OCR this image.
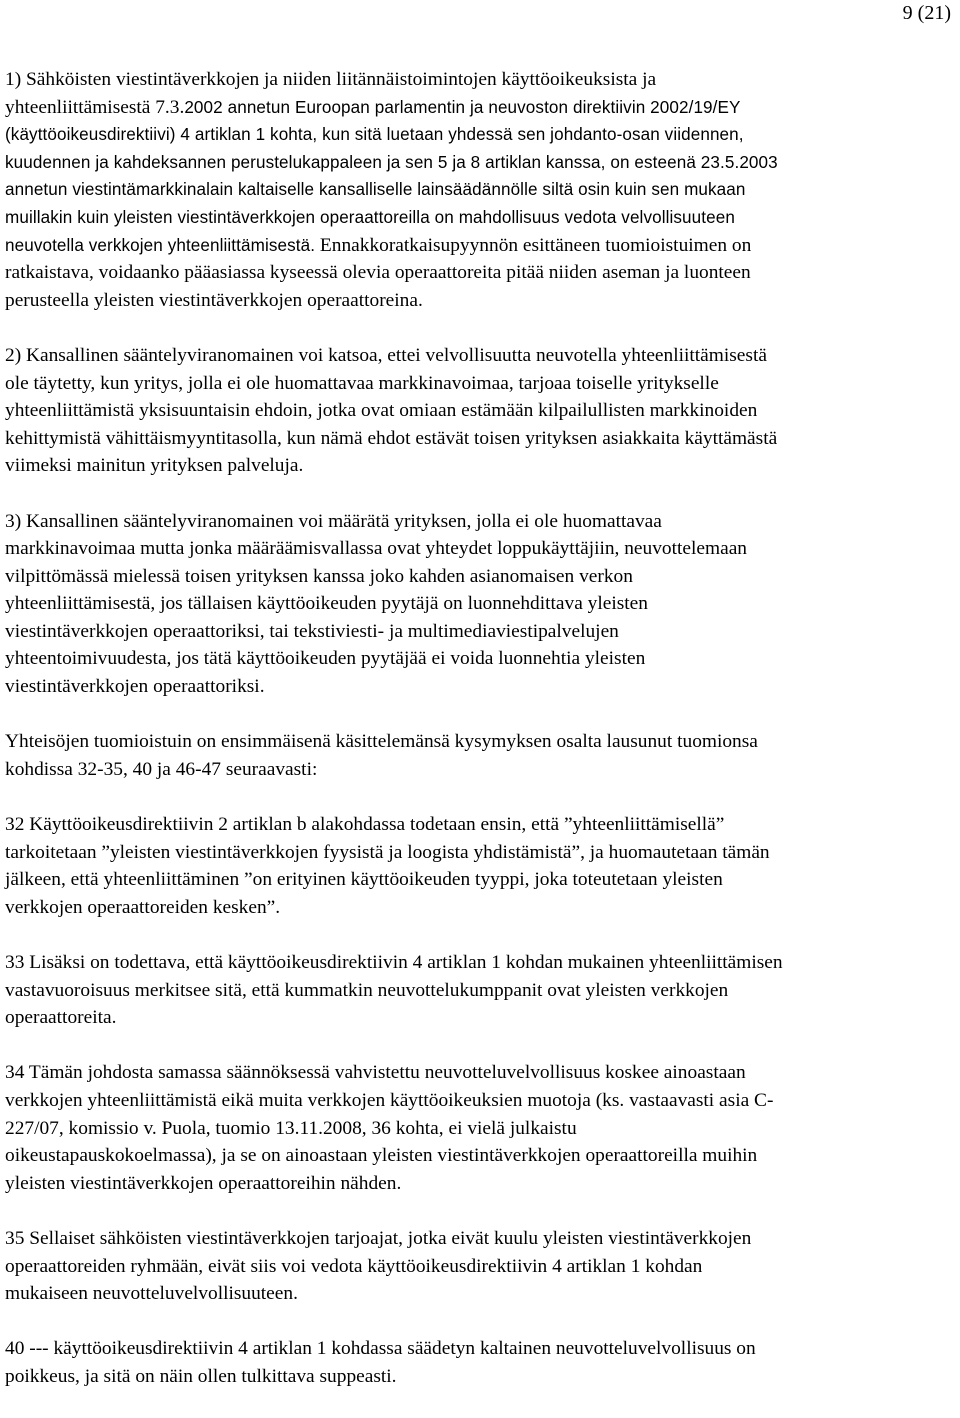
9 (21)

1) Sähköisten viestintäverkkojen ja niiden liitännäistoimintojen käyttöoikeuksista ja
yhteenliittämisestä 7.3.2002 annetun Euroopan parlamentin ja neuvoston direktiivin 2002/19/EY
(käyttöoikeusdirektiivi) 4 artiklan 1 kohta, kun sitä luetaan yhdessä sen johdanto-osan viidennen,
kuudennen ja kahdeksannen perustelukappaleen ja sen 5 ja 8 artiklan kanssa, on esteenä 23.5.2003
annetun viestintämarkkinalain kaltaiselle kansalliselle lainsäädännölle siltä osin kuin sen mukaan
muillakin kuin yleisten viestintäverkkojen operaattoreilla on mahdollisuus vedota velvollisuuteen
neuvotella verkkojen yhteenliittämisestä. Ennakkoratkaisupyynnön esittäneen tuomioistuimen on
ratkaistava, voidaanko pääasiassa kyseessä olevia operaattoreita pitää niiden aseman ja luonteen
perusteella yleisten viestintäverkkojen operaattoreina.

2) Kansallinen sääntelyviranomainen voi katsoa, ettei velvollisuutta neuvotella yhteenliittämisestä
ole täytetty, kun yritys, jolla ei ole huomattavaa markkinavoimaa, tarjoaa toiselle yritykselle
yhteenliittämistä yksisuuntaisin ehdoin, jotka ovat omiaan estämään kilpailullisten markkinoiden
kehittymistä vähittäismyyntitasolla, kun nämä ehdot estävät toisen yrityksen asiakkaita käyttämästä
viimeksi mainitun yrityksen palveluja.

3) Kansallinen sääntelyviranomainen voi määrätä yrityksen, jolla ei ole huomattavaa
markkinavoimaa mutta jonka määräämisvallassa ovat yhteydet loppukäyttäjiin, neuvottelemaan
vilpittömässä mielessä toisen yrityksen kanssa joko kahden asianomaisen verkon
yhteenliittämisestä, jos tällaisen käyttöoikeuden pyytäjä on luonnehdittava yleisten
viestintäverkkojen operaattoriksi, tai tekstiviesti- ja multimediaviestipalvelujen
yhteentoimivuudesta, jos tätä käyttöoikeuden pyytäjää ei voida luonnehtia yleisten
viestintäverkkojen operaattoriksi.

Yhteisöjen tuomioistuin on ensimmäisenä käsittelemänsä kysymyksen osalta lausunut tuomionsa
kohdissa 32-35, 40 ja 46-47 seuraavasti:

32 Käyttöoikeusdirektiivin 2 artiklan b alakohdassa todetaan ensin, että ”yhteenliittämisellä”
tarkoitetaan ”yleisten viestintäverkkojen fyysistä ja loogista yhdistämistä”, ja huomautetaan tämän
jälkeen, että yhteenliittäminen ”on erityinen käyttöoikeuden tyyppi, joka toteutetaan yleisten
verkkojen operaattoreiden kesken”.

33 Lisäksi on todettava, että käyttöoikeusdirektiivin 4 artiklan 1 kohdan mukainen yhteenliittämisen
vastavuoroisuus merkitsee sitä, että kummatkin neuvottelukumppanit ovat yleisten verkkojen
operaattoreita.

34 Tämän johdosta samassa säännöksessä vahvistettu neuvotteluvelvollisuus koskee ainoastaan
verkkojen yhteenliittämistä eikä muita verkkojen käyttöoikeuksien muotoja (ks. vastaavasti asia C-
227/07, komissio v. Puola, tuomio 13.11.2008, 36 kohta, ei vielä julkaistu
oikeustapauskokoelmassa), ja se on ainoastaan yleisten viestintäverkkojen operaattoreilla muihin
yleisten viestintäverkkojen operaattoreihin nähden.

35 Sellaiset sähköisten viestintäverkkojen tarjoajat, jotka eivät kuulu yleisten viestintäverkkojen
operaattoreiden ryhmään, eivät siis voi vedota käyttöoikeusdirektiivin 4 artiklan 1 kohdan
mukaiseen neuvotteluvelvollisuuteen.

40 --- käyttöoikeusdirektiivin 4 artiklan 1 kohdassa säädetyn kaltainen neuvotteluvelvollisuus on
poikkeus, ja sitä on näin ollen tulkittava suppeasti.
